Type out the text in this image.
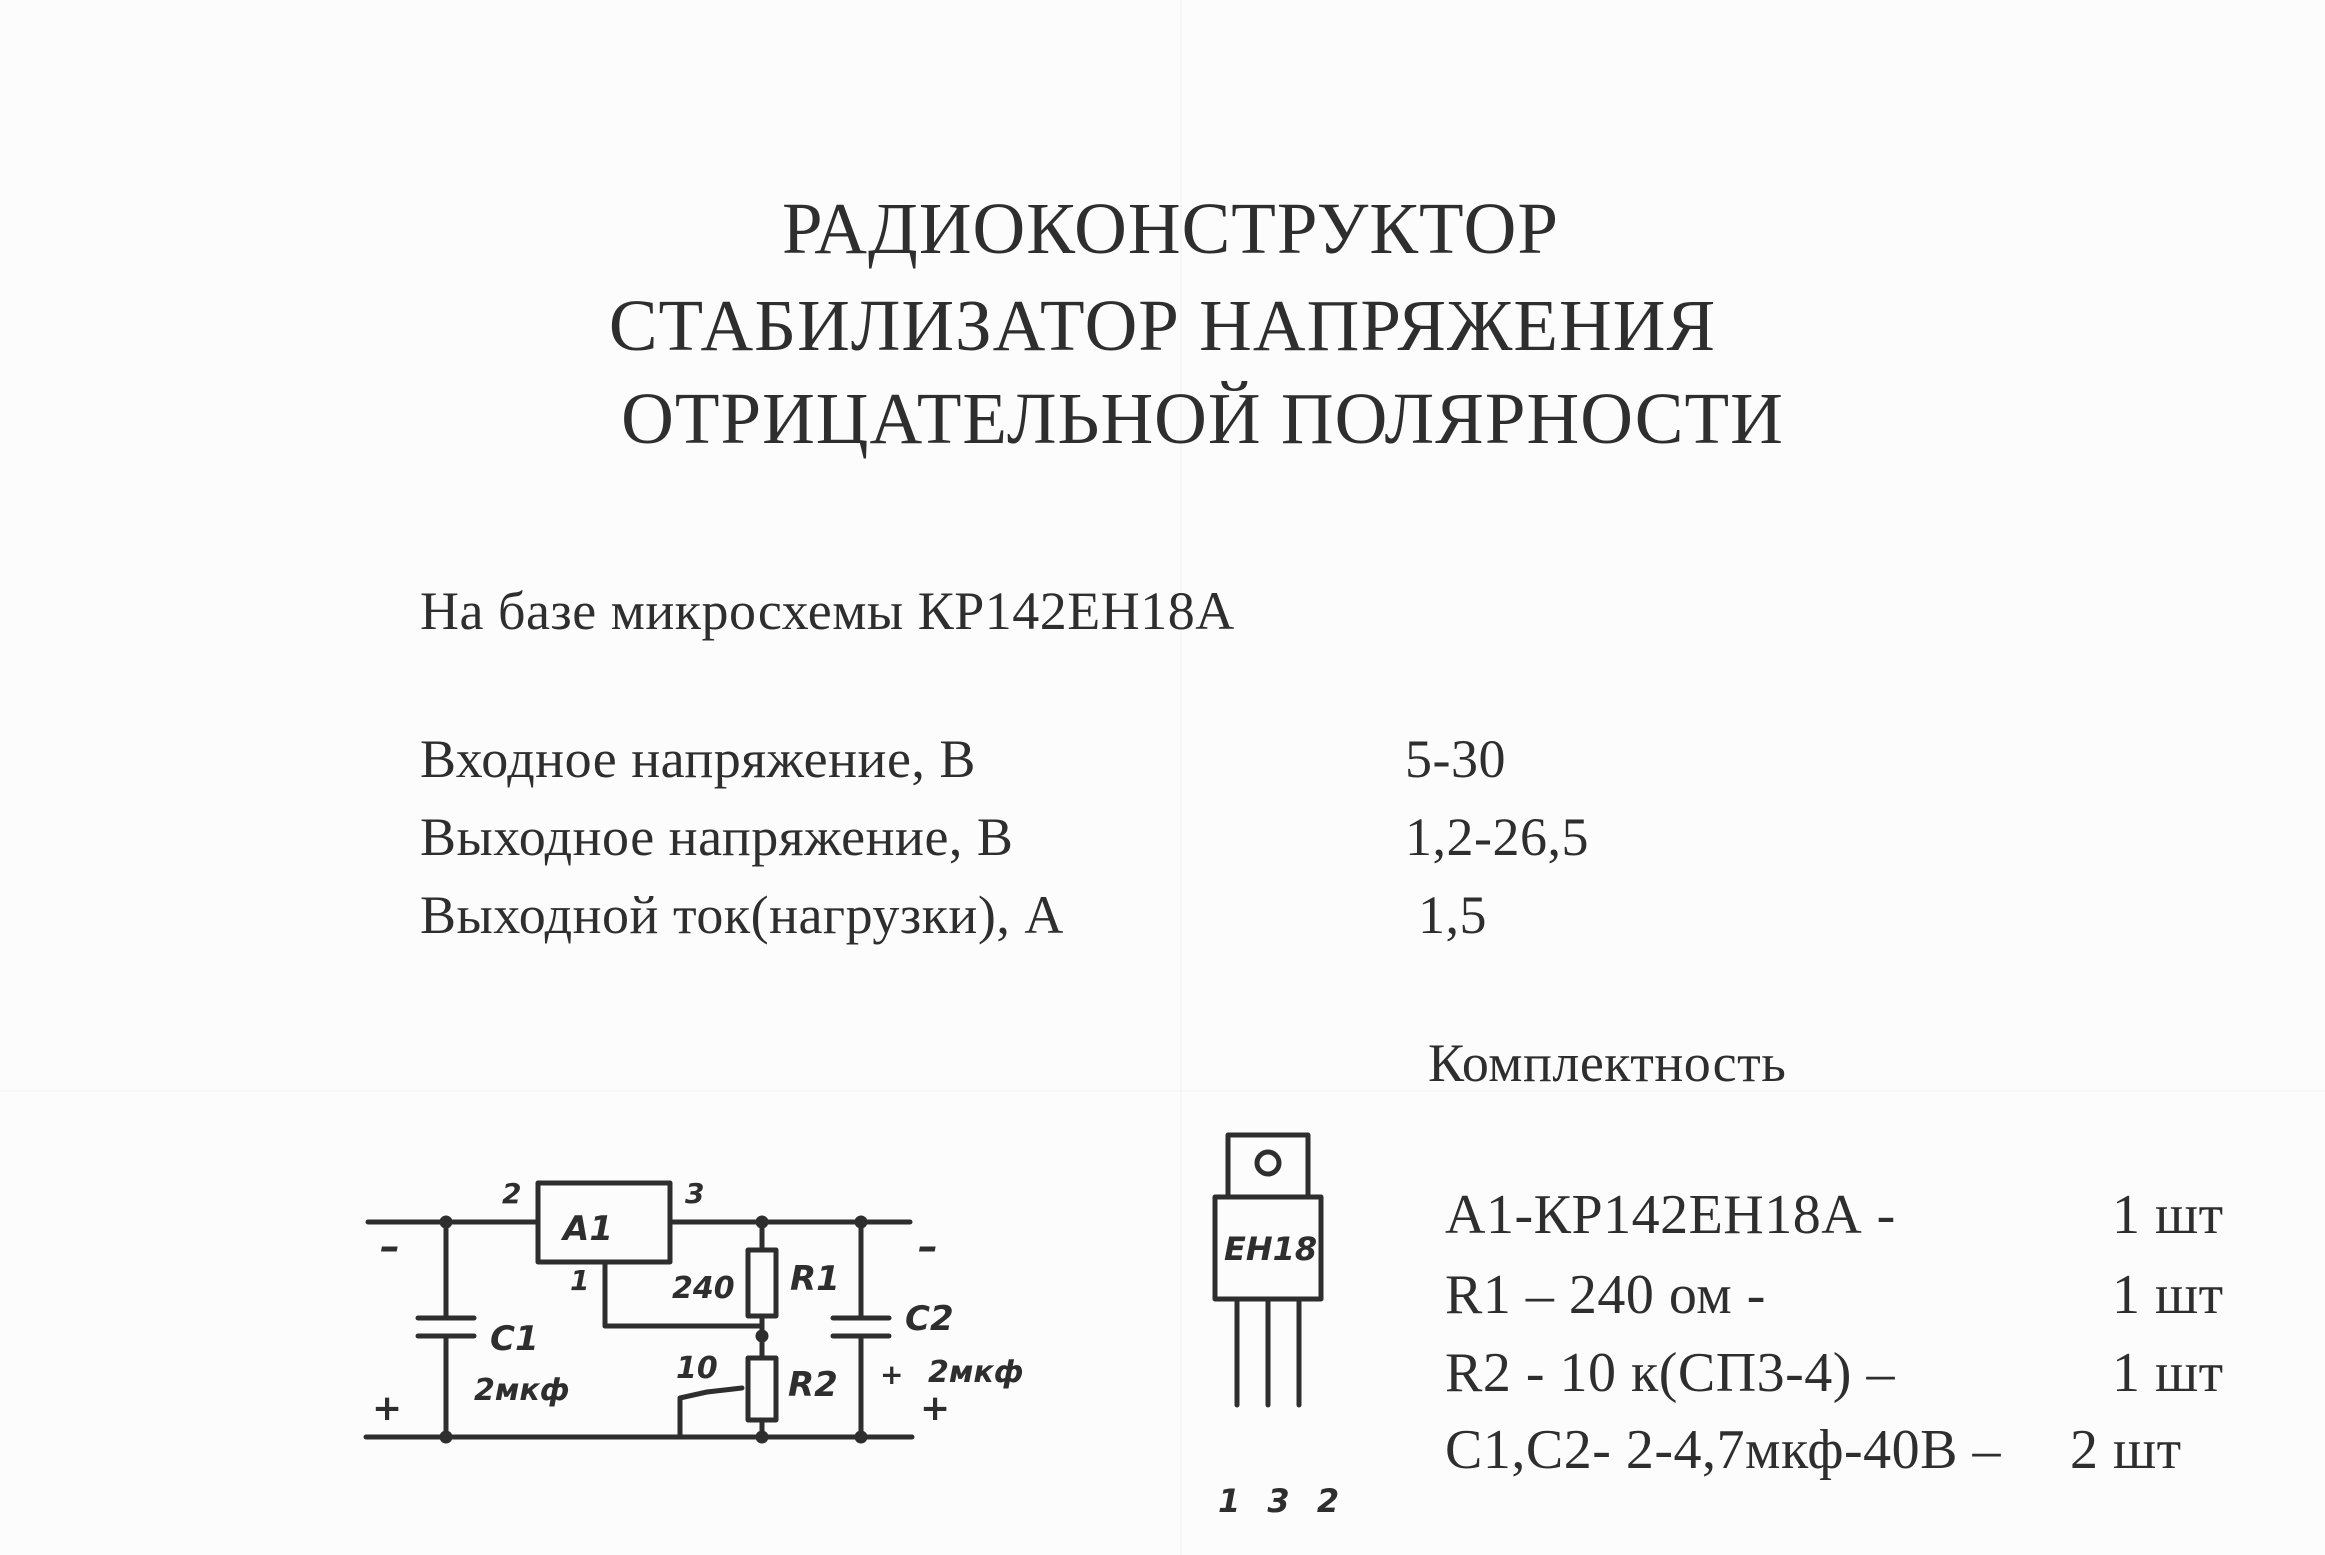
РАДИОКОНСТРУКТОР
СТАБИЛИЗАТОР НАПРЯЖЕНИЯ
ОТРИЦАТЕЛЬНОЙ ПОЛЯРНОСТИ
На базе микросхемы КР142ЕН18А
Входное напряжение, В	5-30
Выходное напряжение, В	1,2-26,5
Выходной ток(нагрузки), А	1,5
Комплектность
А1-КР142ЕН18А -	1 шт
R1 – 240 ом -	1 шт
R2 - 10 к(СП3-4) –	1 шт
С1,С2- 2-4,7мкф-40В – 2 шт
А1
2	3
1	240 R1
10 R2
С1
2мкф
С2
2мкф
+
–
+
–
+
ЕН18
1 3 2
